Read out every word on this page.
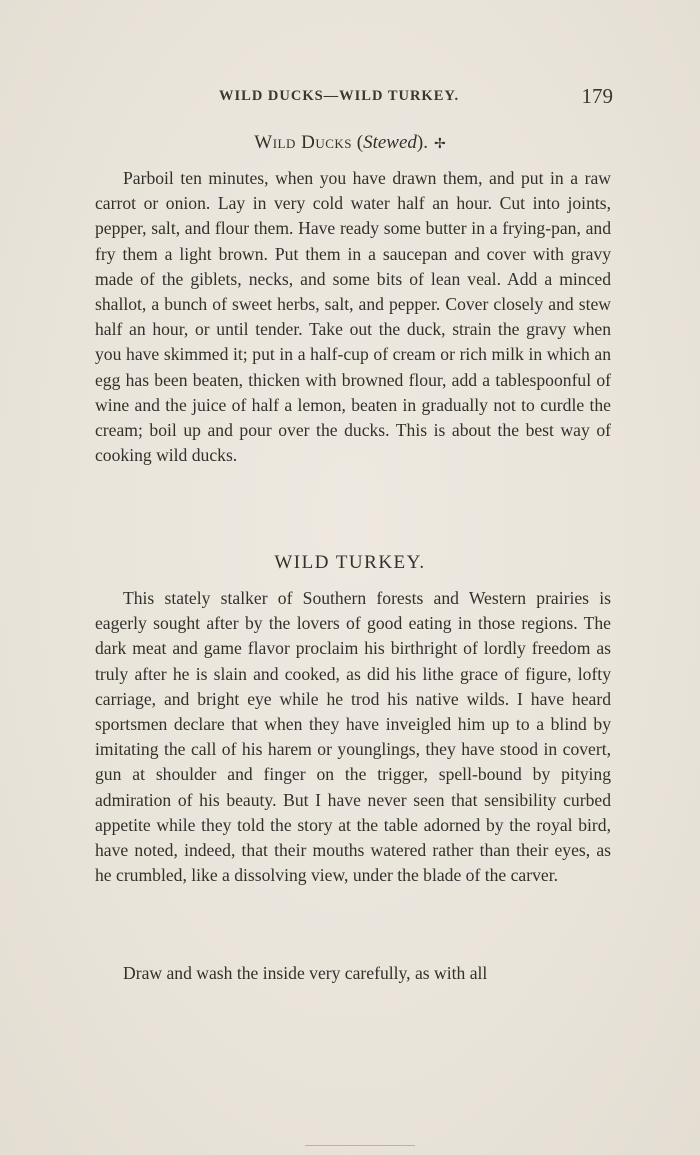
WILD DUCKS—WILD TURKEY.	179
Wild Ducks (Stewed). ✢

Parboil ten minutes, when you have drawn them, and put in a raw carrot or onion. Lay in very cold water half an hour. Cut into joints, pepper, salt, and flour them. Have ready some butter in a frying-pan, and fry them a light brown. Put them in a saucepan and cover with gravy made of the giblets, necks, and some bits of lean veal. Add a minced shallot, a bunch of sweet herbs, salt, and pepper. Cover closely and stew half an hour, or until tender. Take out the duck, strain the gravy when you have skimmed it; put in a half-cup of cream or rich milk in which an egg has been beaten, thicken with browned flour, add a tablespoonful of wine and the juice of half a lemon, beaten in gradually not to curdle the cream; boil up and pour over the ducks. This is about the best way of cooking wild ducks.

WILD TURKEY.

This stately stalker of Southern forests and Western prairies is eagerly sought after by the lovers of good eating in those regions. The dark meat and game flavor proclaim his birthright of lordly freedom as truly after he is slain and cooked, as did his lithe grace of figure, lofty carriage, and bright eye while he trod his native wilds. I have heard sportsmen declare that when they have inveigled him up to a blind by imitating the call of his harem or younglings, they have stood in covert, gun at shoulder and finger on the trigger, spell-bound by pitying admiration of his beauty. But I have never seen that sensibility curbed appetite while they told the story at the table adorned by the royal bird, have noted, indeed, that their mouths watered rather than their eyes, as he crumbled, like a dissolving view, under the blade of the carver.

Draw and wash the inside very carefully, as with all
